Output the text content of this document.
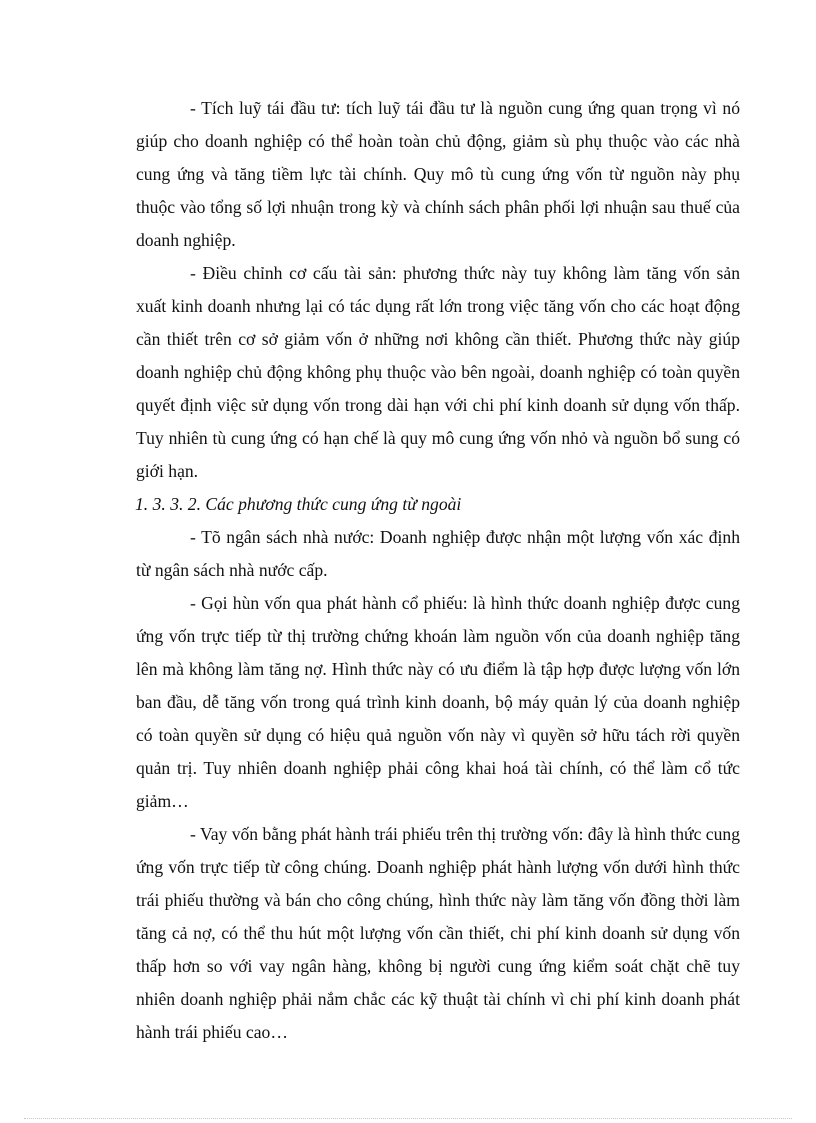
- Tích luỹ tái đầu tư: tích luỹ tái đầu tư là nguồn cung ứng quan trọng vì nó giúp cho doanh nghiệp có thể hoàn toàn chủ động, giảm sù phụ thuộc vào các nhà cung ứng và tăng tiềm lực tài chính. Quy mô tù cung ứng vốn từ nguồn này phụ thuộc vào tổng số lợi nhuận trong kỳ và chính sách phân phối lợi nhuận sau thuế của doanh nghiệp.

- Điều chỉnh cơ cấu tài sản: phương thức này tuy không làm tăng vốn sản xuất kinh doanh nhưng lại có tác dụng rất lớn trong việc tăng vốn cho các hoạt động cần thiết trên cơ sở giảm vốn ở những nơi không cần thiết. Phương thức này giúp doanh nghiệp chủ động không phụ thuộc vào bên ngoài, doanh nghiệp có toàn quyền quyết định việc sử dụng vốn trong dài hạn với chi phí kinh doanh sử dụng vốn thấp. Tuy nhiên tù cung ứng có hạn chế là quy mô cung ứng vốn nhỏ và nguồn bổ sung có giới hạn.

1. 3. 3. 2. Các phương thức cung ứng từ ngoài

- Tõ ngân sách nhà nước: Doanh nghiệp được nhận một lượng vốn xác định từ ngân sách nhà nước cấp.

- Gọi hùn vốn qua phát hành cổ phiếu: là hình thức doanh nghiệp được cung ứng vốn trực tiếp từ thị trường chứng khoán làm nguồn vốn của doanh nghiệp tăng lên mà không làm tăng nợ. Hình thức này có ưu điểm là tập hợp được lượng vốn lớn ban đầu, dễ tăng vốn trong quá trình kinh doanh, bộ máy quản lý của doanh nghiệp có toàn quyền sử dụng có hiệu quả nguồn vốn này vì quyền sở hữu tách rời quyền quản trị. Tuy nhiên doanh nghiệp phải công khai hoá tài chính, có thể làm cổ tức giảm…

- Vay vốn bằng phát hành trái phiếu trên thị trường vốn: đây là hình thức cung ứng vốn trực tiếp từ công chúng. Doanh nghiệp phát hành lượng vốn dưới hình thức trái phiếu thường và bán cho công chúng, hình thức này làm tăng vốn đồng thời làm tăng cả nợ, có thể thu hút một lượng vốn cần thiết, chi phí kinh doanh sử dụng vốn thấp hơn so với vay ngân hàng, không bị người cung ứng kiểm soát chặt chẽ tuy nhiên doanh nghiệp phải nắm chắc các kỹ thuật tài chính vì chi phí kinh doanh phát hành trái phiếu cao…
